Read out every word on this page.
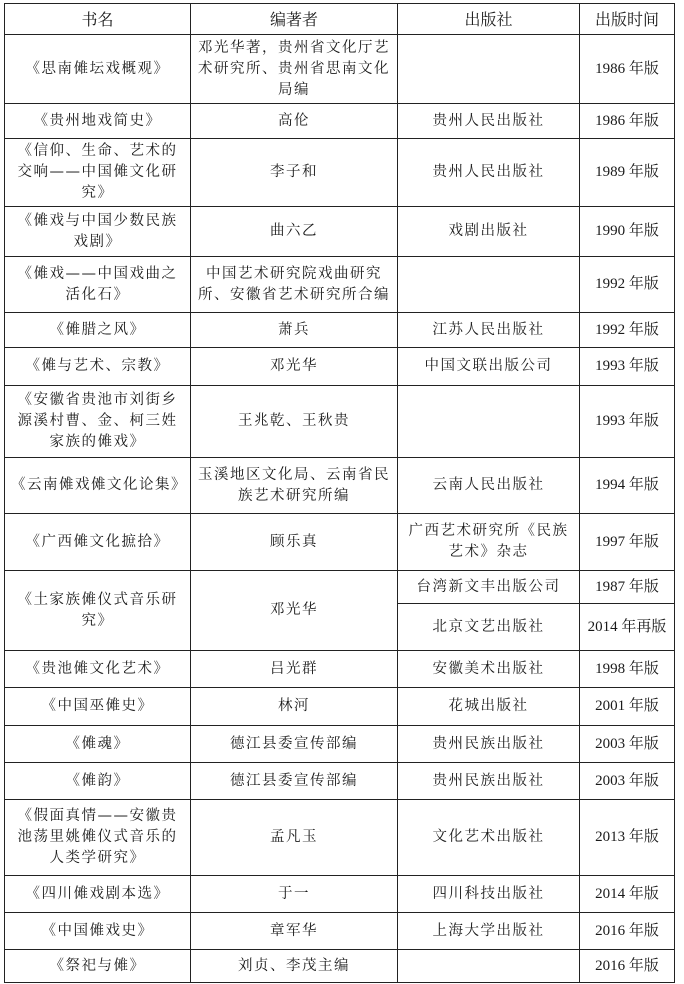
书名	编著者	出版社	出版时间
《思南傩坛戏概观》	邓光华著，贵州省文化厅艺术研究所、贵州省思南文化局编		1986 年版
《贵州地戏简史》	高伦	贵州人民出版社	1986 年版
《信仰、生命、艺术的交响——中国傩文化研究》	李子和	贵州人民出版社	1989 年版
《傩戏与中国少数民族戏剧》	曲六乙	戏剧出版社	1990 年版
《傩戏——中国戏曲之活化石》	中国艺术研究院戏曲研究所、安徽省艺术研究所合编		1992 年版
《傩腊之风》	萧兵	江苏人民出版社	1992 年版
《傩与艺术、宗教》	邓光华	中国文联出版公司	1993 年版
《安徽省贵池市刘街乡源溪村曹、金、柯三姓家族的傩戏》	王兆乾、王秋贵		1993 年版
《云南傩戏傩文化论集》	玉溪地区文化局、云南省民族艺术研究所编	云南人民出版社	1994 年版
《广西傩文化摭拾》	顾乐真	广西艺术研究所《民族艺术》杂志	1997 年版
《土家族傩仪式音乐研究》	邓光华	台湾新文丰出版公司	1987 年版
		北京文艺出版社	2014 年再版
《贵池傩文化艺术》	吕光群	安徽美术出版社	1998 年版
《中国巫傩史》	林河	花城出版社	2001 年版
《傩魂》	德江县委宣传部编	贵州民族出版社	2003 年版
《傩韵》	德江县委宣传部编	贵州民族出版社	2003 年版
《假面真情——安徽贵池荡里姚傩仪式音乐的人类学研究》	孟凡玉	文化艺术出版社	2013 年版
《四川傩戏剧本选》	于一	四川科技出版社	2014 年版
《中国傩戏史》	章军华	上海大学出版社	2016 年版
《祭祀与傩》	刘贞、李茂主编		2016 年版
